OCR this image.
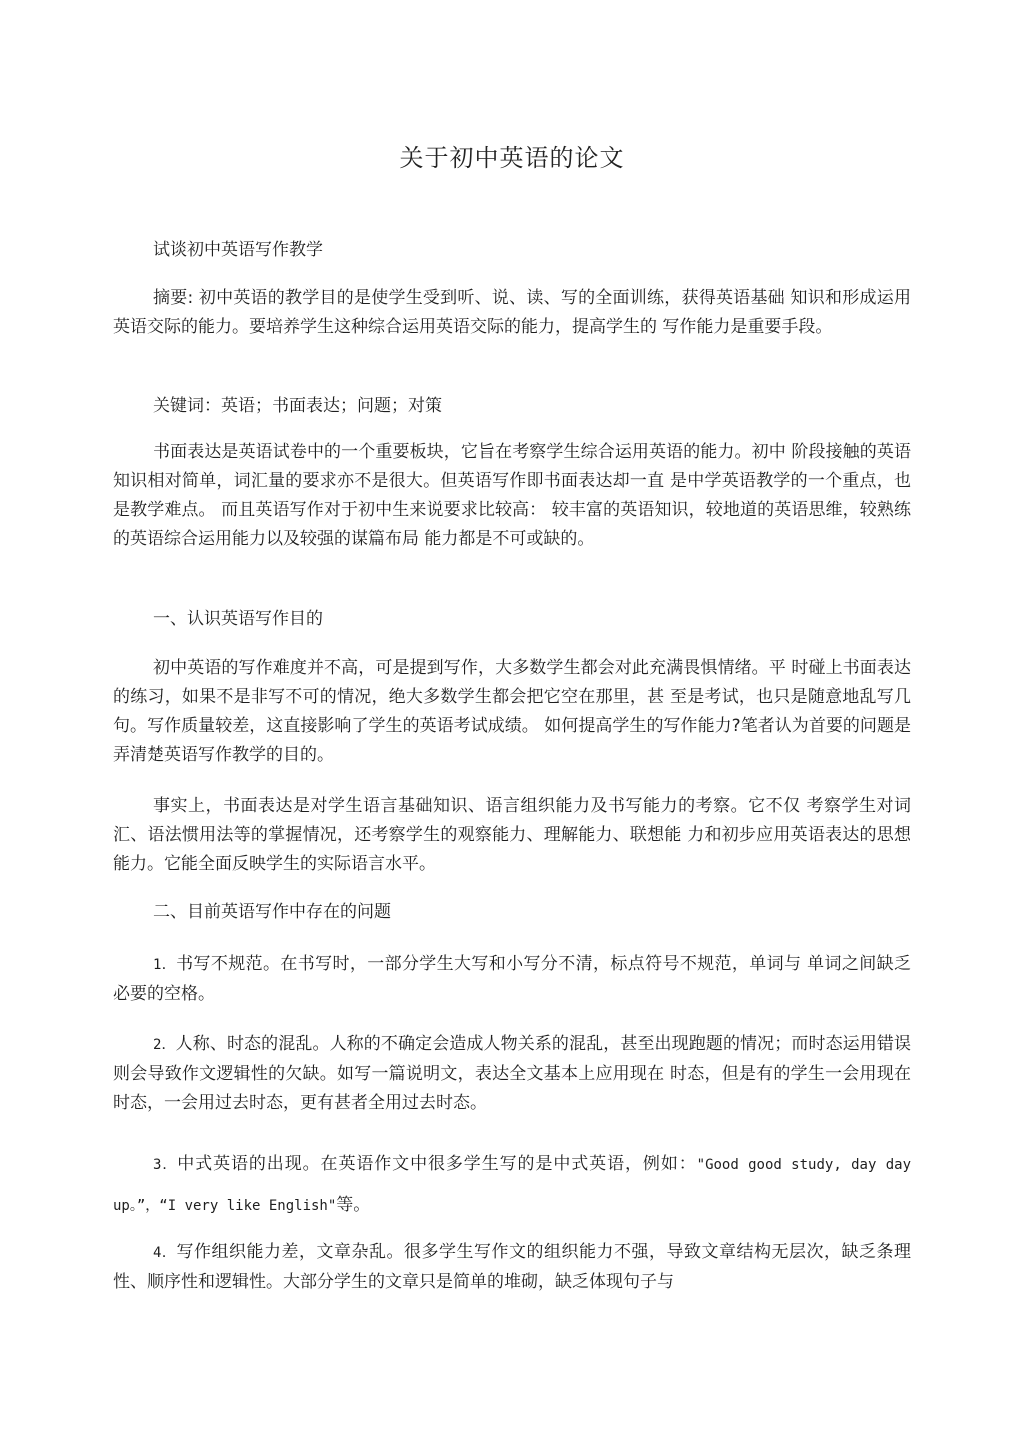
关于初中英语的论文
试谈初中英语写作教学
摘要: 初中英语的教学目的是使学生受到听、说、读、写的全面训练，获得英语基础 知识和形成运用英语交际的能力。要培养学生这种综合运用英语交际的能力，提高学生的 写作能力是重要手段。
关键词：英语；书面表达；问题；对策
书面表达是英语试卷中的一个重要板块，它旨在考察学生综合运用英语的能力。初中 阶段接触的英语知识相对简单，词汇量的要求亦不是很大。但英语写作即书面表达却一直 是中学英语教学的一个重点，也是教学难点。 而且英语写作对于初中生来说要求比较高： 较丰富的英语知识，较地道的英语思维，较熟练的英语综合运用能力以及较强的谋篇布局 能力都是不可或缺的。
一、认识英语写作目的
初中英语的写作难度并不高，可是提到写作，大多数学生都会对此充满畏惧情绪。平 时碰上书面表达的练习，如果不是非写不可的情况，绝大多数学生都会把它空在那里，甚 至是考试，也只是随意地乱写几句。写作质量较差，这直接影响了学生的英语考试成绩。 如何提高学生的写作能力?笔者认为首要的问题是弄清楚英语写作教学的目的。
事实上，书面表达是对学生语言基础知识、语言组织能力及书写能力的考察。它不仅 考察学生对词汇、语法惯用法等的掌握情况，还考察学生的观察能力、理解能力、联想能 力和初步应用英语表达的思想能力。它能全面反映学生的实际语言水平。
二、目前英语写作中存在的问题
1．书写不规范。在书写时，一部分学生大写和小写分不清，标点符号不规范，单词与 单词之间缺乏必要的空格。
2．人称、时态的混乱。人称的不确定会造成人物关系的混乱，甚至出现跑题的情况；而时态运用错误则会导致作文逻辑性的欠缺。如写一篇说明文，表达全文基本上应用现在 时态，但是有的学生一会用现在时态，一会用过去时态，更有甚者全用过去时态。
3．中式英语的出现。在英语作文中很多学生写的是中式英语，例如："Good good study, day day up。”，“I very like English"等。
4．写作组织能力差，文章杂乱。很多学生写作文的组织能力不强，导致文章结构无层次，缺乏条理性、顺序性和逻辑性。大部分学生的文章只是简单的堆砌，缺乏体现句子与
